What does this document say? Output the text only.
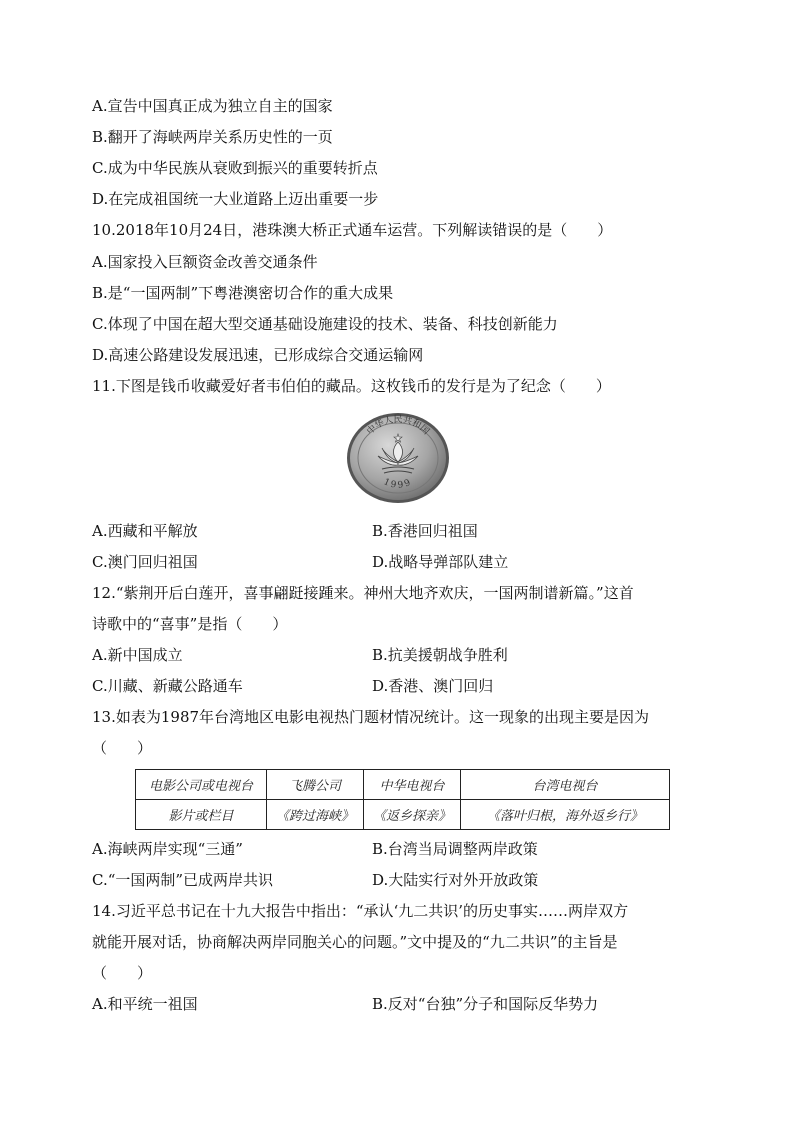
A.宣告中国真正成为独立自主的国家
B.翻开了海峡两岸关系历史性的一页
C.成为中华民族从衰败到振兴的重要转折点
D.在完成祖国统一大业道路上迈出重要一步
10.2018年10月24日，港珠澳大桥正式通车运营。下列解读错误的是（　　）
A.国家投入巨额资金改善交通条件
B.是“一国两制”下粤港澳密切合作的重大成果
C.体现了中国在超大型交通基础设施建设的技术、装备、科技创新能力
D.高速公路建设发展迅速，已形成综合交通运输网
11.下图是钱币收藏爱好者韦伯伯的藏品。这枚钱币的发行是为了纪念（　　）
中华人民共和国
1999
A.西藏和平解放	B.香港回归祖国
C.澳门回归祖国	D.战略导弹部队建立
12.“紫荆开后白莲开，喜事翩跹接踵来。神州大地齐欢庆，一国两制谱新篇。”这首
诗歌中的“喜事”是指（　　）
A.新中国成立	B.抗美援朝战争胜利
C.川藏、新藏公路通车	D.香港、澳门回归
13.如表为1987年台湾地区电影电视热门题材情况统计。这一现象的出现主要是因为
（　　）
电影公司或电视台	飞腾公司	中华电视台	台湾电视台
影片或栏目	《跨过海峡》	《返乡探亲》	《落叶归根，海外返乡行》
A.海峡两岸实现“三通”	B.台湾当局调整两岸政策
C.“一国两制”已成两岸共识	D.大陆实行对外开放政策
14.习近平总书记在十九大报告中指出：“承认‘九二共识’的历史事实……两岸双方
就能开展对话，协商解决两岸同胞关心的问题。”文中提及的“九二共识”的主旨是
（　　）
A.和平统一祖国	B.反对“台独”分子和国际反华势力
